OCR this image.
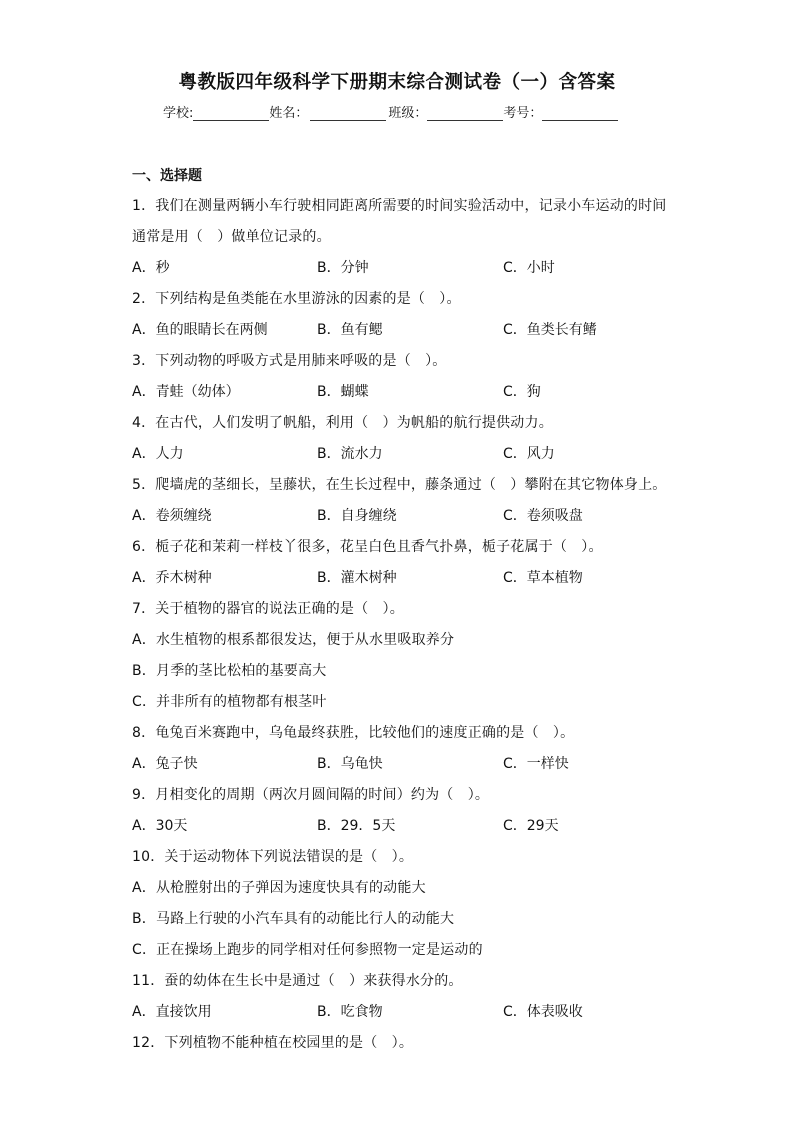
粤教版四年级科学下册期末综合测试卷（一）含答案
学校:	姓名：	班级：	考号：
一、选择题
1．我们在测量两辆小车行驶相同距离所需要的时间实验活动中，记录小车运动的时间
通常是用（　）做单位记录的。
A．秒	B．分钟	C．小时
2．下列结构是鱼类能在水里游泳的因素的是（　）。
A．鱼的眼睛长在两侧	B．鱼有鳃	C．鱼类长有鳍
3．下列动物的呼吸方式是用肺来呼吸的是（　）。
A．青蛙（幼体）	B．蝴蝶	C．狗
4．在古代，人们发明了帆船，利用（　）为帆船的航行提供动力。
A．人力	B．流水力	C．风力
5．爬墙虎的茎细长，呈藤状，在生长过程中，藤条通过（　）攀附在其它物体身上。
A．卷须缠绕	B．自身缠绕	C．卷须吸盘
6．栀子花和茉莉一样枝丫很多，花呈白色且香气扑鼻，栀子花属于（　）。
A．乔木树种	B．灌木树种	C．草本植物
7．关于植物的器官的说法正确的是（　）。
A．水生植物的根系都很发达，便于从水里吸取养分
B．月季的茎比松柏的基要高大
C．并非所有的植物都有根茎叶
8．龟兔百米赛跑中，乌龟最终获胜，比较他们的速度正确的是（　）。
A．兔子快	B．乌龟快	C．一样快
9．月相变化的周期（两次月圆间隔的时间）约为（　）。
A．30天	B．29．5天	C．29天
10．关于运动物体下列说法错误的是（　）。
A．从枪膛射出的子弹因为速度快具有的动能大
B．马路上行驶的小汽车具有的动能比行人的动能大
C．正在操场上跑步的同学相对任何参照物一定是运动的
11．蚕的幼体在生长中是通过（　）来获得水分的。
A．直接饮用	B．吃食物	C．体表吸收
12．下列植物不能种植在校园里的是（　）。
